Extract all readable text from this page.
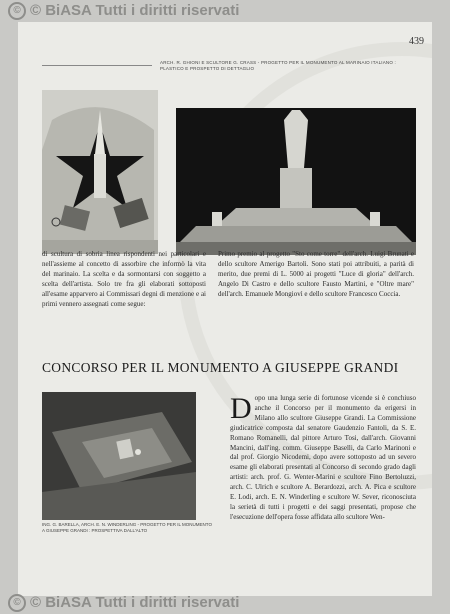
© © BiASA Tutti i diritti riservati
439
ARCH. R. GHIONI E SCULTORE G. CRASS - PROGETTO PER IL MONUMENTO AL MARINAIO ITALIANO : PLASTICO E PROSPETTO DI DETTAGLIO
di scultura di sobria linea rispondenti nei particolari e nell'assieme al concetto di assorbire che informò la vita del marinaio. La scelta e da sormontarsi con soggetto a scelta dell'artista. Solo tre fra gli elaborati sottoposti all'esame apparvero ai Commissari degni di menzione e ai primi vennero assegnati come segue:
Primo premio al progetto "Sto come torre" dell'arch. Luigi Brunati e dello scultore Amerigo Bartoli. Sono stati poi attribuiti, a parità di merito, due premi di L. 5000 ai progetti "Luce di gloria" dell'arch. Angelo Di Castro e dello scultore Fausto Martini, e "Oltre mare" dell'arch. Emanuele Mongiovì e dello scultore Francesco Coccia.
CONCORSO PER IL MONUMENTO A GIUSEPPE GRANDI
Dopo una lunga serie di fortunose vicende si è conchiuso anche il Concorso per il monumento da erigersi in Milano allo scultore Giuseppe Grandi. La Commissione giudicatrice composta dal senatore Gaudenzio Fantoli, da S. E. Romano Romanelli, dal pittore Arturo Tosi, dall'arch. Giovanni Mancini, dall'ing. comm. Giuseppe Baselli, da Carlo Marinoni e dal prof. Giorgio Nicodemi, dopo avere sottoposto ad un severo esame gli elaborati presentati al Concorso di secondo grado dagli artisti: arch. prof. G. Wenter-Marini e scultore Fino Bertoluzzi, arch. C. Ulrich e scultore A. Berardozzi, arch. A. Pica e scultore E. Lodi, arch. E. N. Winderling e scultore W. Sever, riconosciuta la serietà di tutti i progetti e dei saggi presentati, propose che l'esecuzione dell'opera fosse affidata allo scultore Wen-
ING. G. BARELLA, ARCH. E. N. WINDERLING - PROGETTO PER IL MONUMENTO A GIUSEPPE GRANDI : PROSPETTIVA DALL'ALTO
© © BiASA Tutti i diritti riservati
